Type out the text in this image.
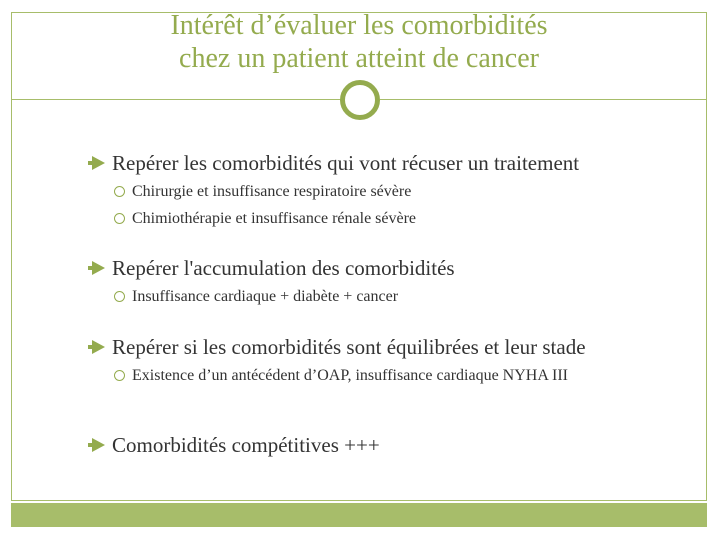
Intérêt d’évaluer les comorbidités
chez un patient atteint de cancer
Repérer les comorbidités qui vont récuser un traitement
Chirurgie et insuffisance respiratoire sévère
Chimiothérapie et insuffisance rénale sévère
Repérer l'accumulation des comorbidités
Insuffisance cardiaque + diabète + cancer
Repérer si les comorbidités sont équilibrées et leur stade
Existence d’un antécédent d’OAP, insuffisance cardiaque NYHA III
Comorbidités compétitives +++
